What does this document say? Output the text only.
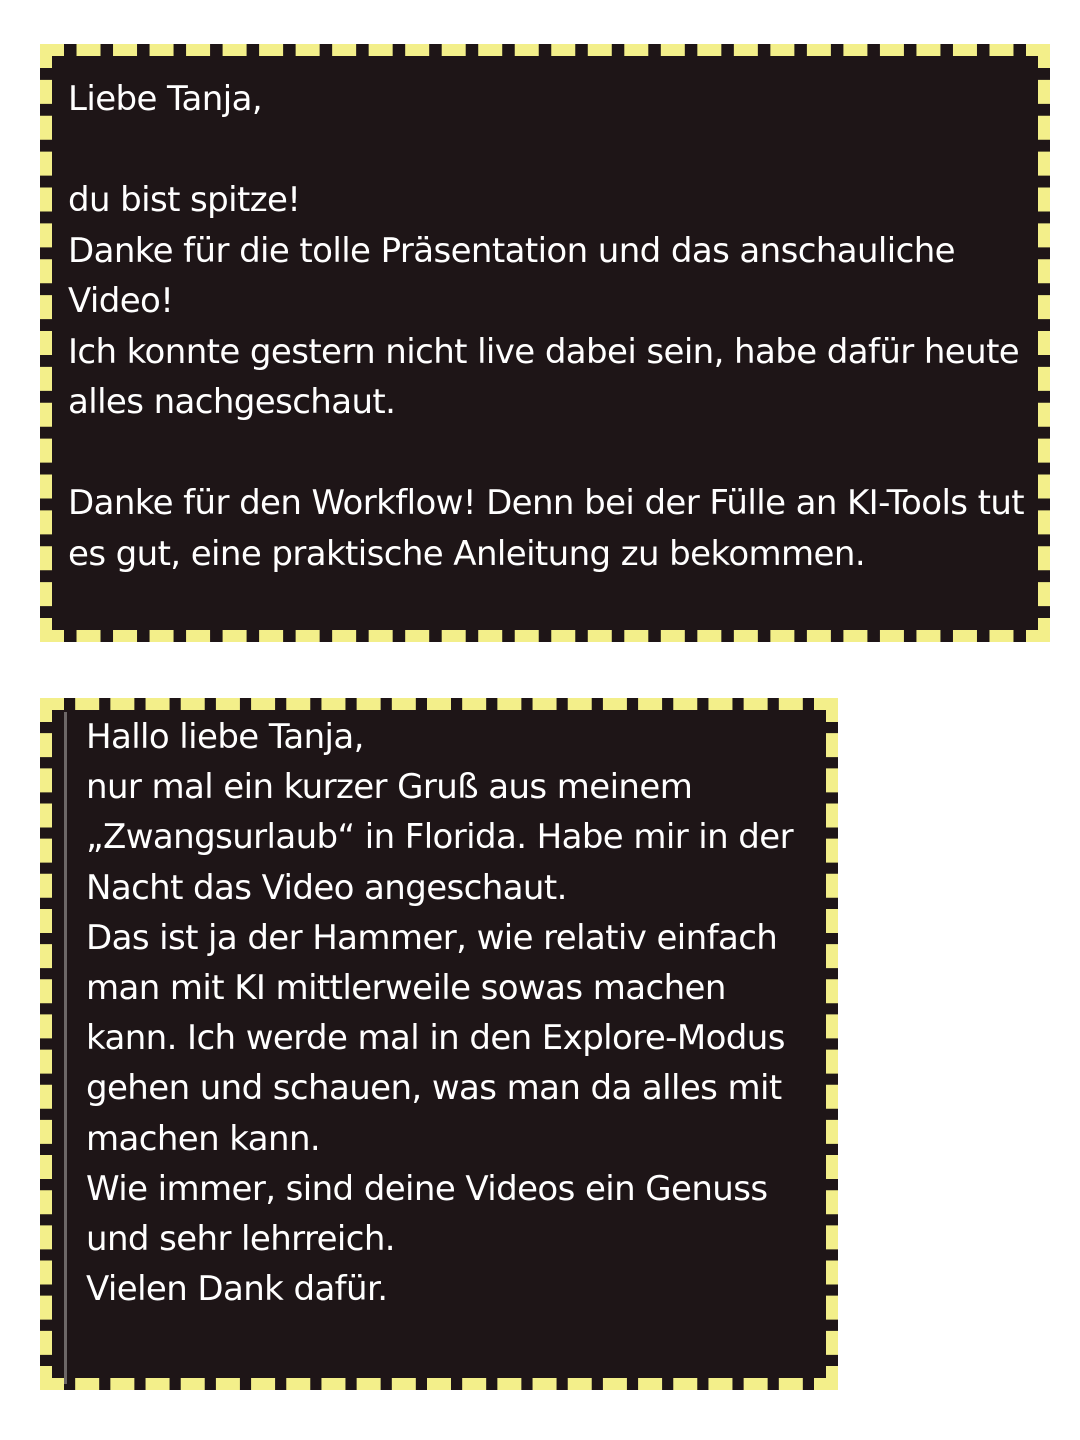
Liebe Tanja,

du bist spitze!
Danke für die tolle Präsentation und das anschauliche Video!
Ich konnte gestern nicht live dabei sein, habe dafür heute alles nachgeschaut.

Danke für den Workflow! Denn bei der Fülle an KI-Tools tut es gut, eine praktische Anleitung zu bekommen.

Hallo liebe Tanja,
nur mal ein kurzer Gruß aus meinem „Zwangsurlaub“ in Florida. Habe mir in der Nacht das Video angeschaut.
Das ist ja der Hammer, wie relativ einfach man mit KI mittlerweile sowas machen kann. Ich werde mal in den Explore-Modus gehen und schauen, was man da alles mit machen kann.
Wie immer, sind deine Videos ein Genuss und sehr lehrreich.
Vielen Dank dafür.
